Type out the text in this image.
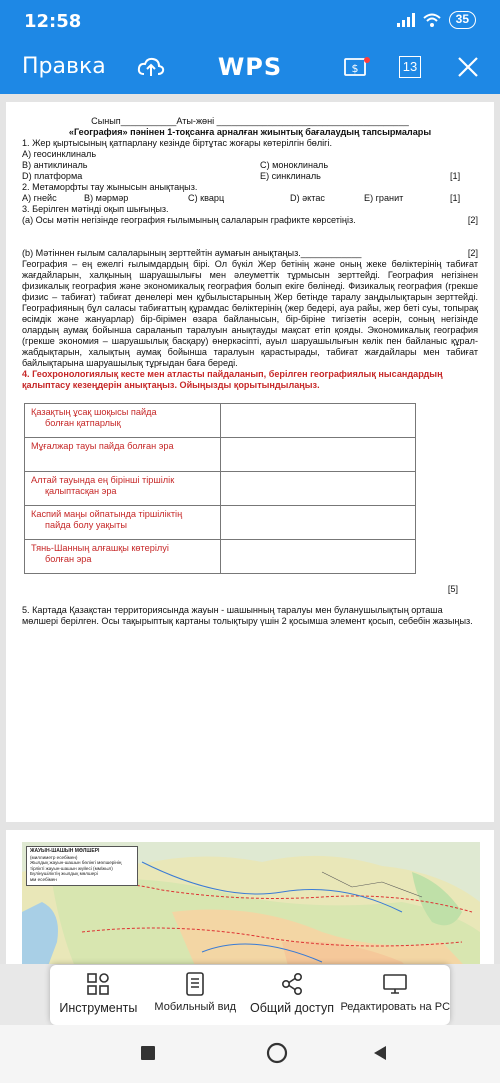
12:58	35
Правка	WPS	$	13

Сынып___________Аты-жөні ______________________________________

«География» пәнінен 1-тоқсанға арналған жиынтық бағалаудың тапсырмалары

1. Жер қыртысының қатпарлану кезінде біртұтас жоғары көтерілгін бөлігі.

A) геосинклиналь
B) антиклиналь	C) моноклиналь
D) платформа	E) синклиналь	[1]

2. Метаморфты тау жынысын анықтаңыз.

A) гнейс	B) мәрмәр	C) кварц	D) әктас	E) гранит	[1]

3. Берілген мәтінді оқып шығыңыз.

(а) Осы мәтін негізінде география ғылымының салаларын графикте көрсетіңіз.	[2]
(b) Мәтіннен ғылым салаларының зерттейтін аумағын анықтаңыз.____________	[2]

География – ең ежелгі ғылымдардың бірі. Ол бүкіл Жер бетінің және оның жеке бөліктерінің табиғат жағдайларын, халқының шаруашылығы мен әлеуметтік тұрмысын зерттейді. География негізінен физикалық география және экономикалық география болып екіге бөлінеді. Физикалық география (грекше физис – табиғат) табиғат денелері мен құбылыстарының Жер бетінде таралу заңдылықтарын зерттейді. Географияның бұл саласы табиғаттың құрамдас бөліктерінің (жер бедері, ауа райы, жер беті суы, топырақ өсімдік және жануарлар) бір-бірімен өзара байланысын, бір-біріне тигізетін әсерін, соның негізінде олардың аумақ бойынша сараланып таралуын анықтауды мақсат етіп қояды. Экономикалық география (грекше экономия – шаруашылық басқару) өнеркәсіпті, ауыл шаруашылығын көлік пен байланыс құрал-жабдықтарын, халықтың аумақ бойынша таралуын қарастырады, табиғат жағдайлары мен табиғат байлықтарына шаруашылық тұрғыдан баға береді.

4. Геохронологиялық кесте мен атласты пайдаланып, берілген географиялық нысандардың қалыптасу кезеңдерін анықтаңыз. Ойыңызды қорытындылаңыз.

Қазақтың ұсақ шоқысы пайда
болған қатпарлық	

Мұғалжар тауы пайда болған эра	

Алтай тауында ең бірінші тіршілік
қалыптасқан эра	

Каспий маңы ойпатында тіршіліктің
пайда болу уақыты	

Тянь-Шанның алғашқы көтерілуі
болған эра	

[5]

5. Картада Қазақстан территориясында жауын - шашынның таралуы мен буланушылықтың орташа мөлшері берілген. Осы тақырыптық картаны толықтыру үшін 2 қосымша элемент қосып, себебін жазыңыз.

ЖАУЫН-ШАШЫН МӨЛШЕРІ
(миллиметр есебімен)
Жылдық жауын-шашын бөлінгі мөлшерінің
тірлікті жауын-шашын жүйесі (мм/жыл)
Бүлінушіліктің жылдық мөлшері
мм есебімен
Инструменты Мобильный вид Общий доступ Редактировать на PC
